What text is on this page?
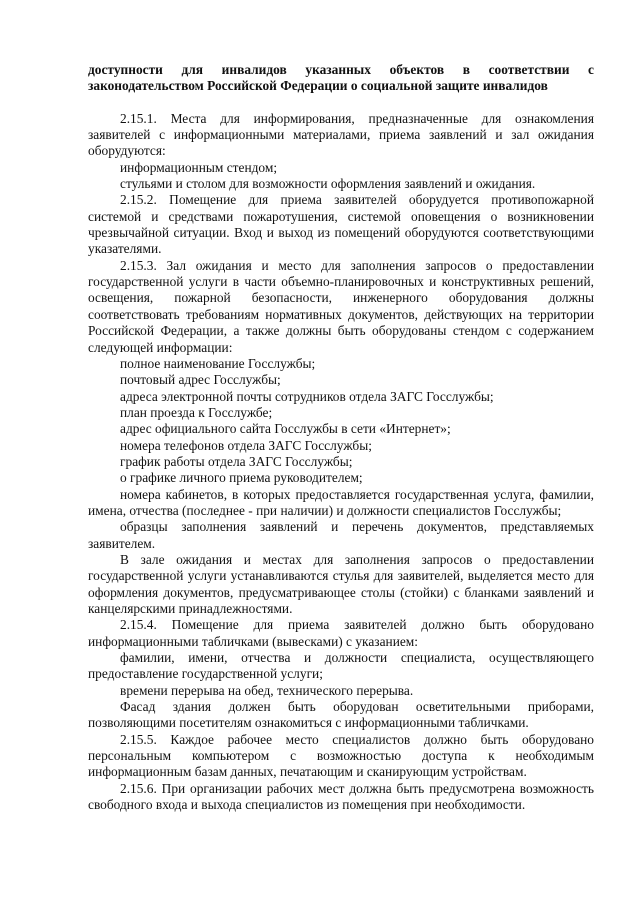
доступности для инвалидов указанных объектов в соответствии с
законодательством Российской Федерации о социальной защите инвалидов

2.15.1. Места для информирования, предназначенные для ознакомления заявителей с информационными материалами, приема заявлений и зал ожидания оборудуются:

информационным стендом;

стульями и столом для возможности оформления заявлений и ожидания.

2.15.2. Помещение для приема заявителей оборудуется противопожарной системой и средствами пожаротушения, системой оповещения о возникновении чрезвычайной ситуации. Вход и выход из помещений оборудуются соответствующими указателями.

2.15.3. Зал ожидания и место для заполнения запросов о предоставлении государственной услуги в части объемно-планировочных и конструктивных решений, освещения, пожарной безопасности, инженерного оборудования должны соответствовать требованиям нормативных документов, действующих на территории Российской Федерации, а также должны быть оборудованы стендом с содержанием следующей информации:

полное наименование Госслужбы;

почтовый адрес Госслужбы;

адреса электронной почты сотрудников отдела ЗАГС Госслужбы;

план проезда к Госслужбе;

адрес официального сайта Госслужбы в сети «Интернет»;

номера телефонов отдела ЗАГС Госслужбы;

график работы отдела ЗАГС Госслужбы;

о графике личного приема руководителем;

номера кабинетов, в которых предоставляется государственная услуга, фамилии, имена, отчества (последнее - при наличии) и должности специалистов Госслужбы;

образцы заполнения заявлений и перечень документов, представляемых заявителем.

В зале ожидания и местах для заполнения запросов о предоставлении государственной услуги устанавливаются стулья для заявителей, выделяется место для оформления документов, предусматривающее столы (стойки) с бланками заявлений и канцелярскими принадлежностями.

2.15.4. Помещение для приема заявителей должно быть оборудовано информационными табличками (вывесками) с указанием:

фамилии, имени, отчества и должности специалиста, осуществляющего предоставление государственной услуги;

времени перерыва на обед, технического перерыва.

Фасад здания должен быть оборудован осветительными приборами, позволяющими посетителям ознакомиться с информационными табличками.

2.15.5. Каждое рабочее место специалистов должно быть оборудовано персональным компьютером с возможностью доступа к необходимым информационным базам данных, печатающим и сканирующим устройствам.

2.15.6. При организации рабочих мест должна быть предусмотрена возможность свободного входа и выхода специалистов из помещения при необходимости.
